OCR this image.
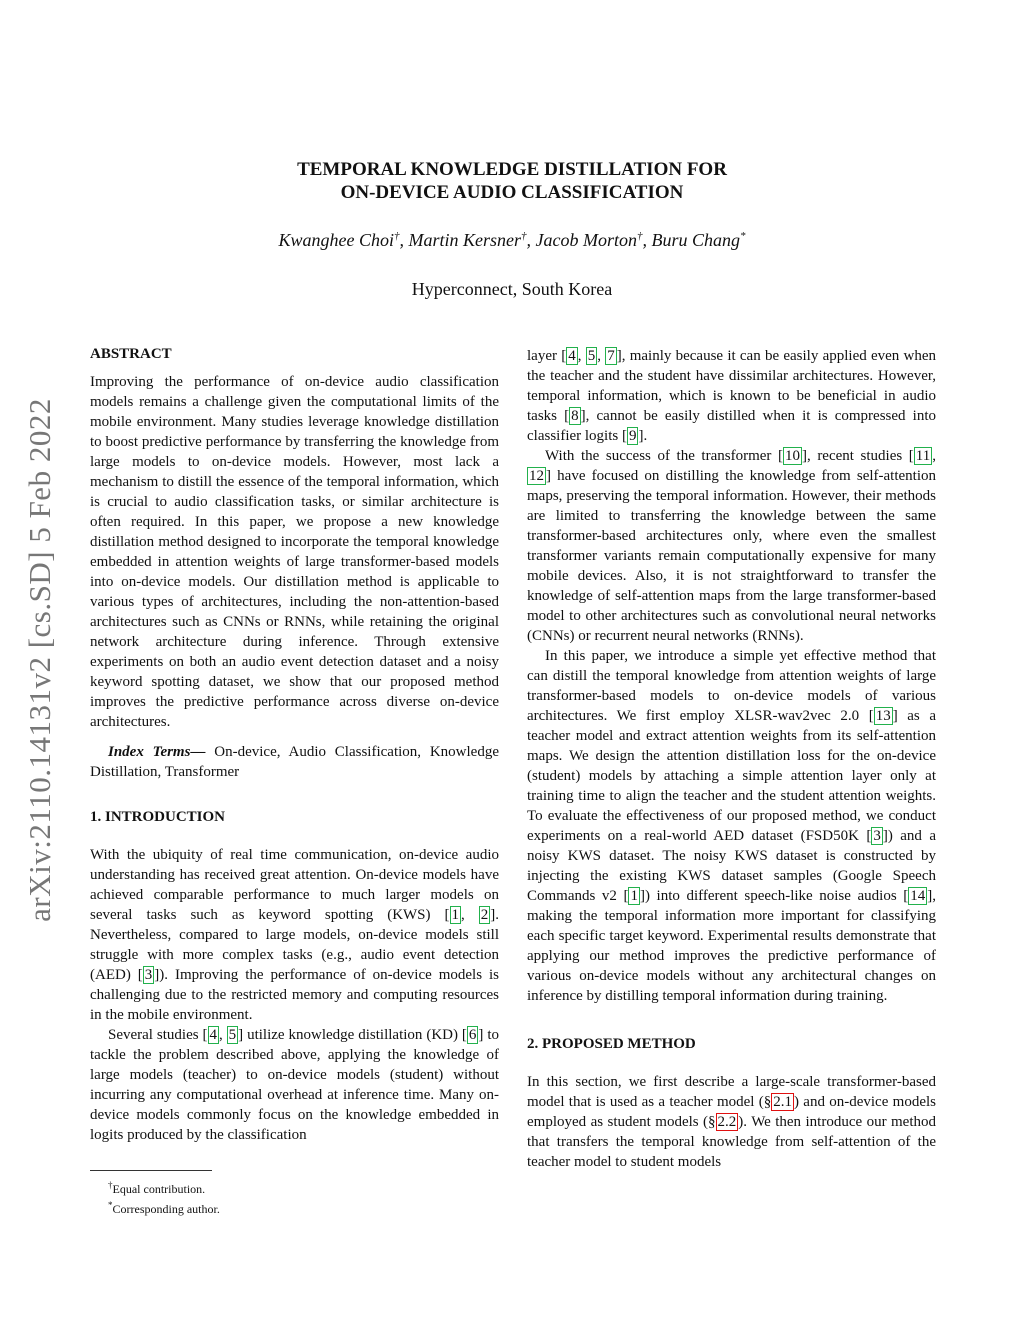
TEMPORAL KNOWLEDGE DISTILLATION FOR
ON-DEVICE AUDIO CLASSIFICATION
Kwanghee Choi†, Martin Kersner†, Jacob Morton†, Buru Chang*
Hyperconnect, South Korea
arXiv:2110.14131v2 [cs.SD] 5 Feb 2022

ABSTRACT

Improving the performance of on-device audio classification models remains a challenge given the computational limits of the mobile environment. Many studies leverage knowledge distillation to boost predictive performance by transferring the knowledge from large models to on-device models. However, most lack a mechanism to distill the essence of the temporal information, which is crucial to audio classification tasks, or similar architecture is often required. In this paper, we propose a new knowledge distillation method designed to incorporate the temporal knowledge embedded in attention weights of large transformer-based models into on-device models. Our distillation method is applicable to various types of architectures, including the non-attention-based architectures such as CNNs or RNNs, while retaining the original network architecture during inference. Through extensive experiments on both an audio event detection dataset and a noisy keyword spotting dataset, we show that our proposed method improves the predictive performance across diverse on-device architectures.

Index Terms— On-device, Audio Classification, Knowledge Distillation, Transformer

1. INTRODUCTION

With the ubiquity of real time communication, on-device audio understanding has received great attention. On-device models have achieved comparable performance to much larger models on several tasks such as keyword spotting (KWS) [ 1 , 2 ]. Nevertheless, compared to large models, on-device models still struggle with more complex tasks (e.g., audio event detection (AED) [ 3 ]). Improving the performance of on-device models is challenging due to the restricted memory and computing resources in the mobile environment.

Several studies [ 4 , 5 ] utilize knowledge distillation (KD) [ 6 ] to tackle the problem described above, applying the knowledge of large models (teacher) to on-device models (student) without incurring any computational overhead at inference time. Many on-device models commonly focus on the knowledge embedded in logits produced by the classification

layer [ 4 , 5 , 7 ], mainly because it can be easily applied even when the teacher and the student have dissimilar architectures. However, temporal information, which is known to be beneficial in audio tasks [ 8 ], cannot be easily distilled when it is compressed into classifier logits [ 9 ].

With the success of the transformer [ 10 ], recent studies [ 11 , 12 ] have focused on distilling the knowledge from self-attention maps, preserving the temporal information. However, their methods are limited to transferring the knowledge between the same transformer-based architectures only, where even the smallest transformer variants remain computationally expensive for many mobile devices. Also, it is not straightforward to transfer the knowledge of self-attention maps from the large transformer-based model to other architectures such as convolutional neural networks (CNNs) or recurrent neural networks (RNNs).

In this paper, we introduce a simple yet effective method that can distill the temporal knowledge from attention weights of large transformer-based models to on-device models of various architectures. We first employ XLSR-wav2vec 2.0 [ 13 ] as a teacher model and extract attention weights from its self-attention maps. We design the attention distillation loss for the on-device (student) models by attaching a simple attention layer only at training time to align the teacher and the student attention weights. To evaluate the effectiveness of our proposed method, we conduct experiments on a real-world AED dataset (FSD50K [ 3 ]) and a noisy KWS dataset. The noisy KWS dataset is constructed by injecting the existing KWS dataset samples (Google Speech Commands v2 [ 1 ]) into different speech-like noise audios [ 14 ], making the temporal information more important for classifying each specific target keyword. Experimental results demonstrate that applying our method improves the predictive performance of various on-device models without any architectural changes on inference by distilling temporal information during training.

2. PROPOSED METHOD

In this section, we first describe a large-scale transformer-based model that is used as a teacher model (§ 2.1 ) and on-device models employed as student models (§ 2.2 ). We then introduce our method that transfers the temporal knowledge from self-attention of the teacher model to student models

†Equal contribution.
*Corresponding author.
